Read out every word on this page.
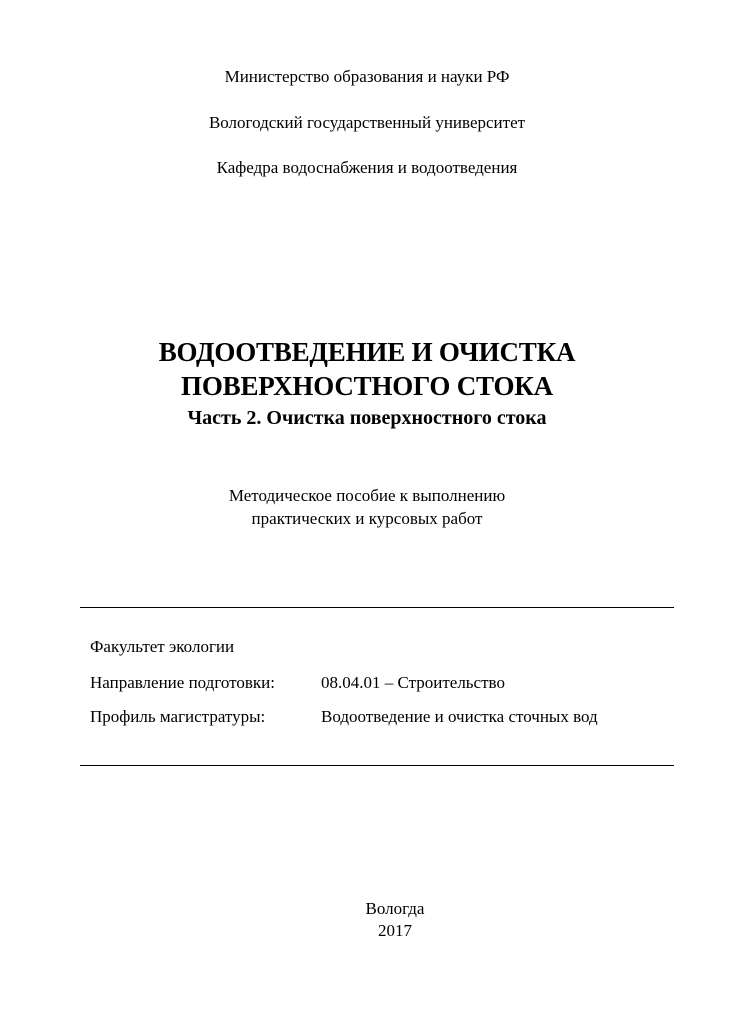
Министерство образования и науки РФ
Вологодский государственный университет
Кафедра водоснабжения и водоотведения
ВОДООТВЕДЕНИЕ И ОЧИСТКА
ПОВЕРХНОСТНОГО СТОКА
Часть 2. Очистка поверхностного стока
Методическое пособие к выполнению
практических и курсовых работ
Факультет экологии
Направление подготовки:	08.04.01 – Строительство
Профиль магистратуры:	Водоотведение и очистка сточных вод
Вологда
2017
